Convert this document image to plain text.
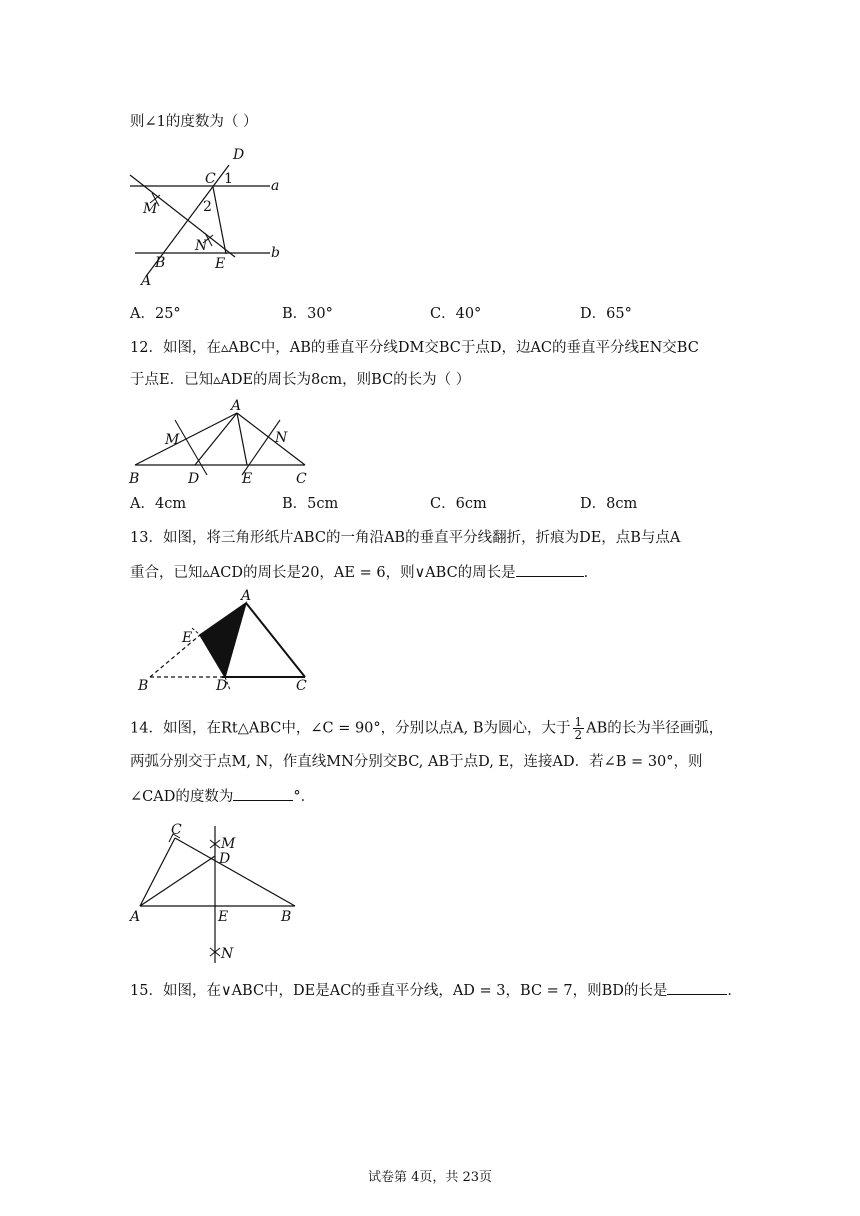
则∠1的度数为（ ）
D
C 1	a
M	2
N	b
A
B	E
A．25°	B．30°	C．40°	D．65°
12．如图，在▵ABC中，AB的垂直平分线DM交BC于点D，边AC的垂直平分线EN交BC
于点E．已知▵ADE的周长为8cm，则BC的长为（ ）
A
M	N
B	D	E	C
A．4cm	B．5cm	C．6cm	D．8cm
13．如图，将三角形纸片ABC的一角沿AB的垂直平分线翻折，折痕为DE，点B与点A
重合，已知▵ACD的周长是20，AE = 6，则∨ABC的周长是	．
A
E
B	D	C
14．如图，在Rt△ABC中，∠C = 90°，分别以点A, B为圆心，大于 $\frac{1}{2}$ AB的长为半径画弧，
两弧分别交于点M, N，作直线MN分别交BC, AB于点D, E，连接AD．若∠B = 30°，则
∠CAD的度数为	°．
C
M
D
A	E	B
N
15．如图，在∨ABC中，DE是AC的垂直平分线，AD = 3，BC = 7，则BD的长是	．
试卷第 4页，共 23页
